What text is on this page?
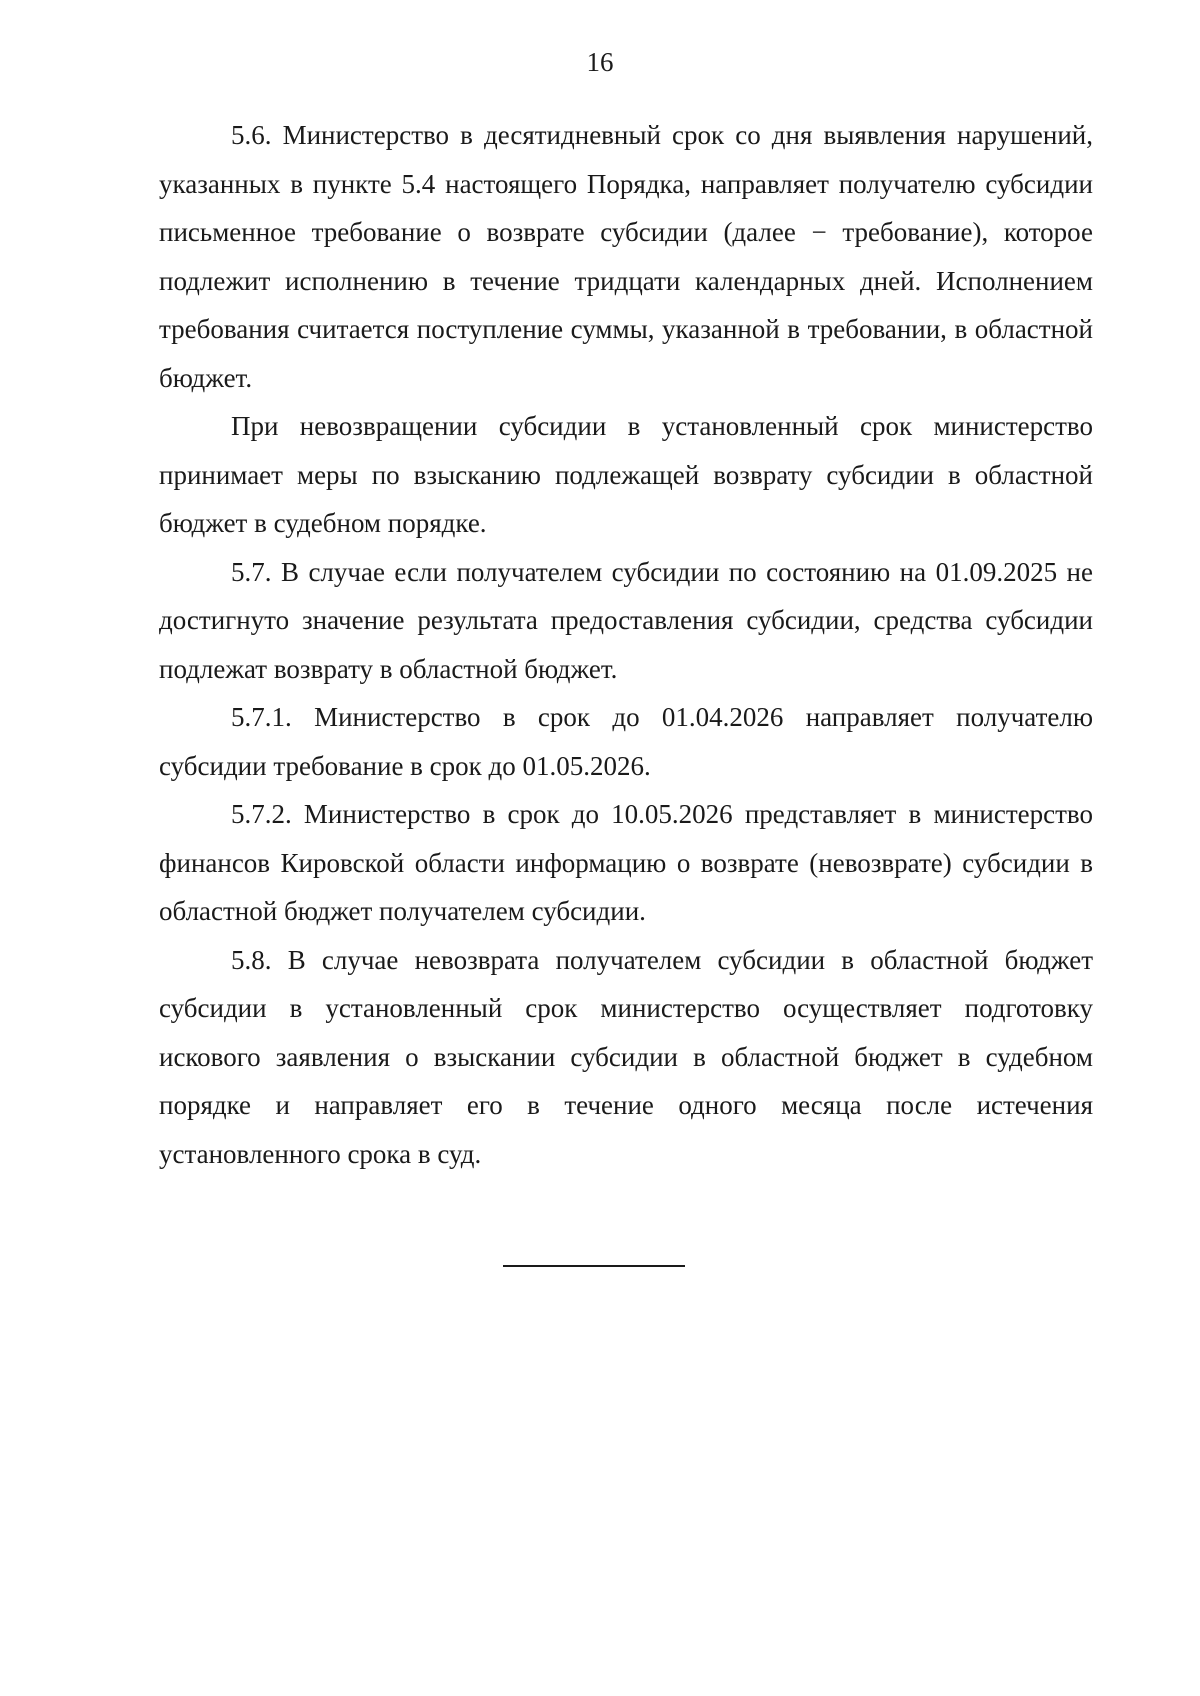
16

5.6. Министерство в десятидневный срок со дня выявления нарушений, указанных в пункте 5.4 настоящего Порядка, направляет получателю субсидии письменное требование о возврате субсидии (далее − требование), которое подлежит исполнению в течение тридцати календарных дней. Исполнением требования считается поступление суммы, указанной в требовании, в областной бюджет.

При невозвращении субсидии в установленный срок министерство принимает меры по взысканию подлежащей возврату субсидии в областной бюджет в судебном порядке.

5.7. В случае если получателем субсидии по состоянию на 01.09.2025 не достигнуто значение результата предоставления субсидии, средства субсидии подлежат возврату в областной бюджет.

5.7.1. Министерство в срок до 01.04.2026 направляет получателю субсидии требование в срок до 01.05.2026.

5.7.2. Министерство в срок до 10.05.2026 представляет в министерство финансов Кировской области информацию о возврате (невозврате) субсидии в областной бюджет получателем субсидии.

5.8. В случае невозврата получателем субсидии в областной бюджет субсидии в установленный срок министерство осуществляет подготовку искового заявления о взыскании субсидии в областной бюджет в судебном порядке и направляет его в течение одного месяца после истечения установленного срока в суд.
